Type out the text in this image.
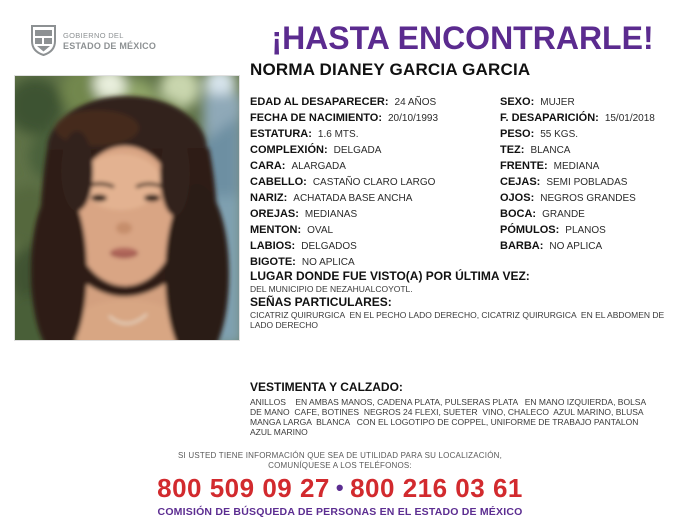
GOBIERNO DEL
ESTADO DE MÉXICO	¡HASTA ENCONTRARLE!
NORMA DIANEY GARCIA GARCIA
EDAD AL DESAPARECER: 24 AÑOS
FECHA DE NACIMIENTO: 20/10/1993
ESTATURA: 1.6 MTS.
COMPLEXIÓN: DELGADA
CARA: ALARGADA
CABELLO: CASTAÑO CLARO LARGO
NARIZ: ACHATADA BASE ANCHA
OREJAS: MEDIANAS
MENTON: OVAL
LABIOS: DELGADOS
BIGOTE: NO APLICA
SEXO: MUJER
F. DESAPARICIÓN: 15/01/2018
PESO: 55 KGS.
TEZ: BLANCA
FRENTE: MEDIANA
CEJAS: SEMI POBLADAS
OJOS: NEGROS GRANDES
BOCA: GRANDE
PÓMULOS: PLANOS
BARBA: NO APLICA
LUGAR DONDE FUE VISTO(A) POR ÚLTIMA VEZ:
DEL MUNICIPIO DE NEZAHUALCOYOTL.
SEÑAS PARTICULARES:
CICATRIZ QUIRURGICA  EN EL PECHO LADO DERECHO, CICATRIZ QUIRURGICA  EN EL ABDOMEN DE LADO DERECHO
VESTIMENTA Y CALZADO:
ANILLOS    EN AMBAS MANOS, CADENA PLATA, PULSERAS PLATA   EN MANO IZQUIERDA, BOLSA DE MANO  CAFE, BOTINES  NEGROS 24 FLEXI, SUETER  VINO, CHALECO  AZUL MARINO, BLUSA MANGA LARGA  BLANCA   CON EL LOGOTIPO DE COPPEL, UNIFORME DE TRABAJO PANTALON  AZUL MARINO
SI USTED TIENE INFORMACIÓN QUE SEA DE UTILIDAD PARA SU LOCALIZACIÓN,
COMUNÍQUESE A LOS TELÉFONOS:
800 509 09 27 • 800 216 03 61
COMISIÓN DE BÚSQUEDA DE PERSONAS EN EL ESTADO DE MÉXICO
